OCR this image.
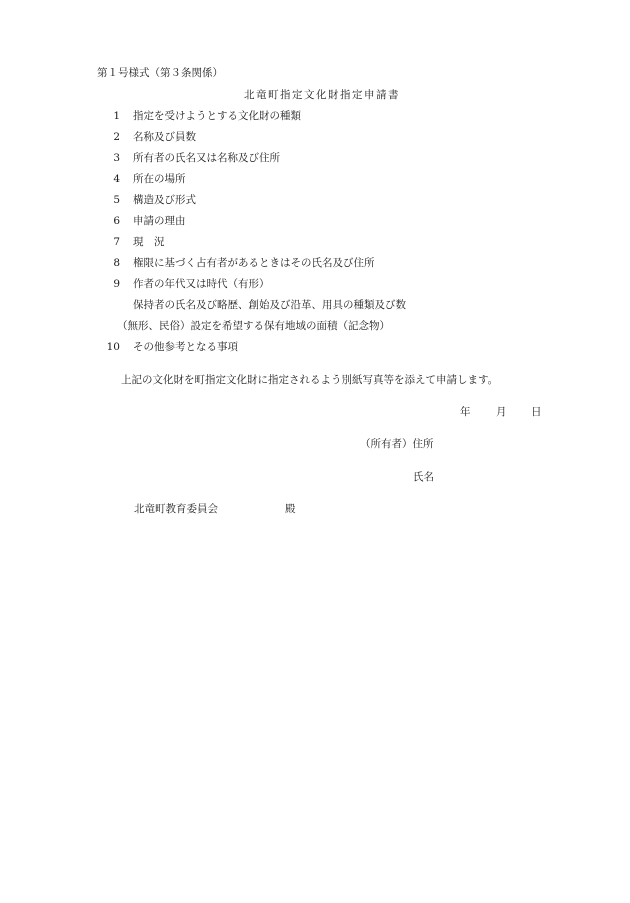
第１号様式（第３条関係）
北竜町指定文化財指定申請書
1 指定を受けようとする文化財の種類
2 名称及び員数
3 所有者の氏名又は名称及び住所
4 所在の場所
5 構造及び形式
6 申請の理由
7 現　況
8 権限に基づく占有者があるときはその氏名及び住所
9 作者の年代又は時代（有形）
保持者の氏名及び略歴、創始及び沿革、用具の種類及び数
（無形、民俗）設定を希望する保有地域の面積（記念物）
10 その他参考となる事項
上記の文化財を町指定文化財に指定されるよう別紙写真等を添えて申請します。
年 月 日
（所有者）住所
氏名
北竜町教育委員会	殿
